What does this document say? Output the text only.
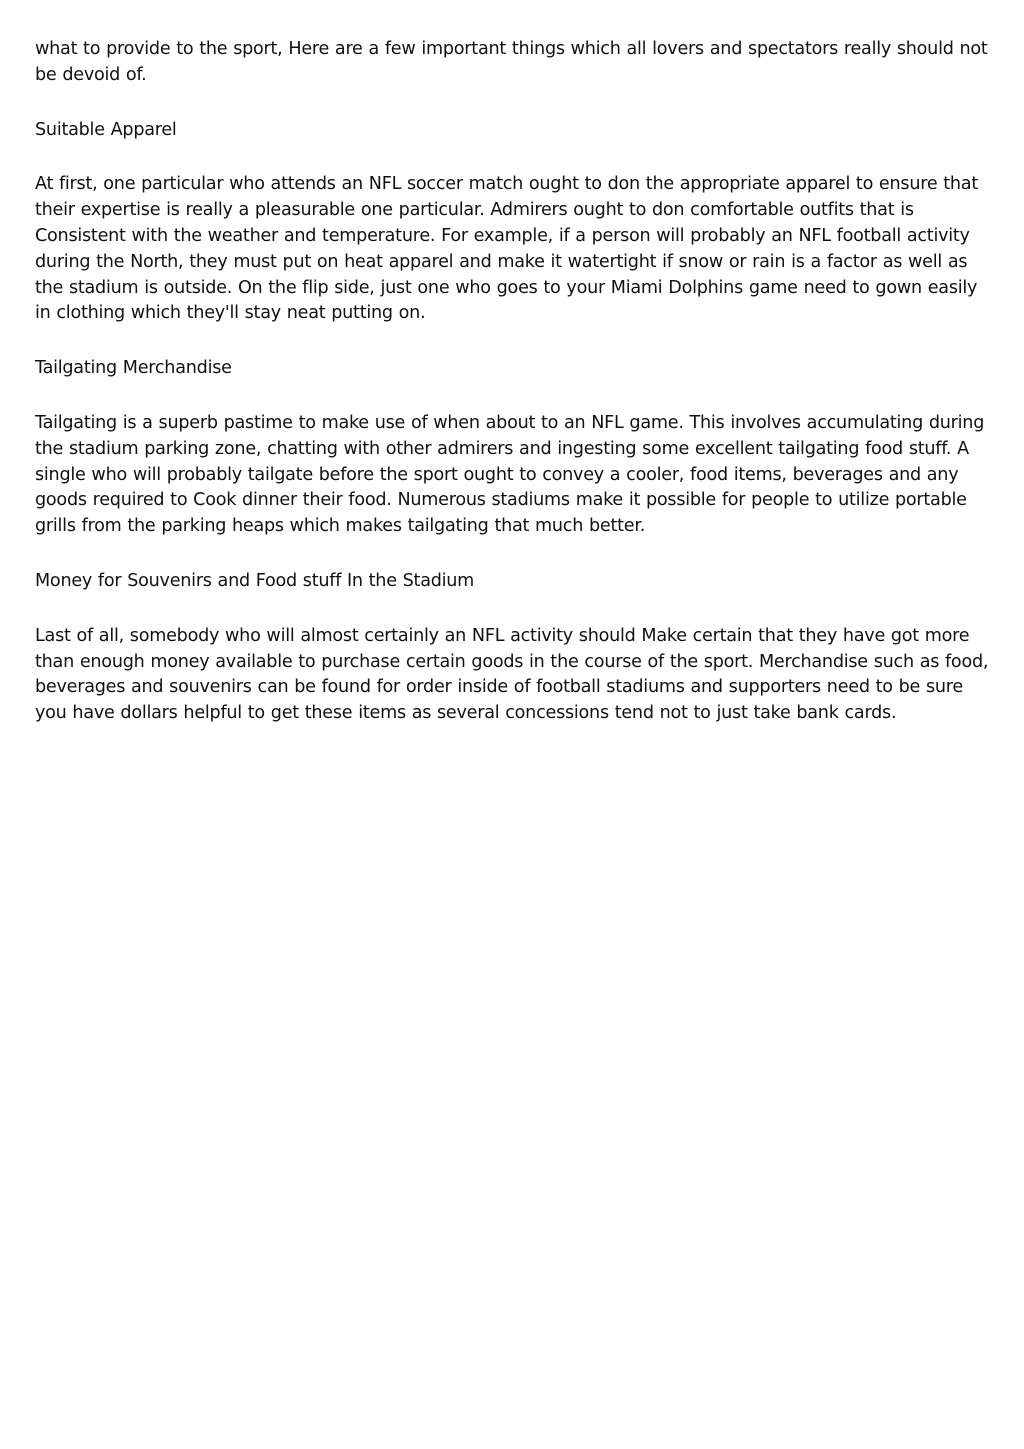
what to provide to the sport, Here are a few important things which all lovers and spectators really should not be devoid of.

Suitable Apparel

At first, one particular who attends an NFL soccer match ought to don the appropriate apparel to ensure that their expertise is really a pleasurable one particular. Admirers ought to don comfortable outfits that is Consistent with the weather and temperature. For example, if a person will probably an NFL football activity during the North, they must put on heat apparel and make it watertight if snow or rain is a factor as well as the stadium is outside. On the flip side, just one who goes to your Miami Dolphins game need to gown easily in clothing which they'll stay neat putting on.

Tailgating Merchandise

Tailgating is a superb pastime to make use of when about to an NFL game. This involves accumulating during the stadium parking zone, chatting with other admirers and ingesting some excellent tailgating food stuff. A single who will probably tailgate before the sport ought to convey a cooler, food items, beverages and any goods required to Cook dinner their food. Numerous stadiums make it possible for people to utilize portable grills from the parking heaps which makes tailgating that much better.

Money for Souvenirs and Food stuff In the Stadium

Last of all, somebody who will almost certainly an NFL activity should Make certain that they have got more than enough money available to purchase certain goods in the course of the sport. Merchandise such as food, beverages and souvenirs can be found for order inside of football stadiums and supporters need to be sure you have dollars helpful to get these items as several concessions tend not to just take bank cards.
